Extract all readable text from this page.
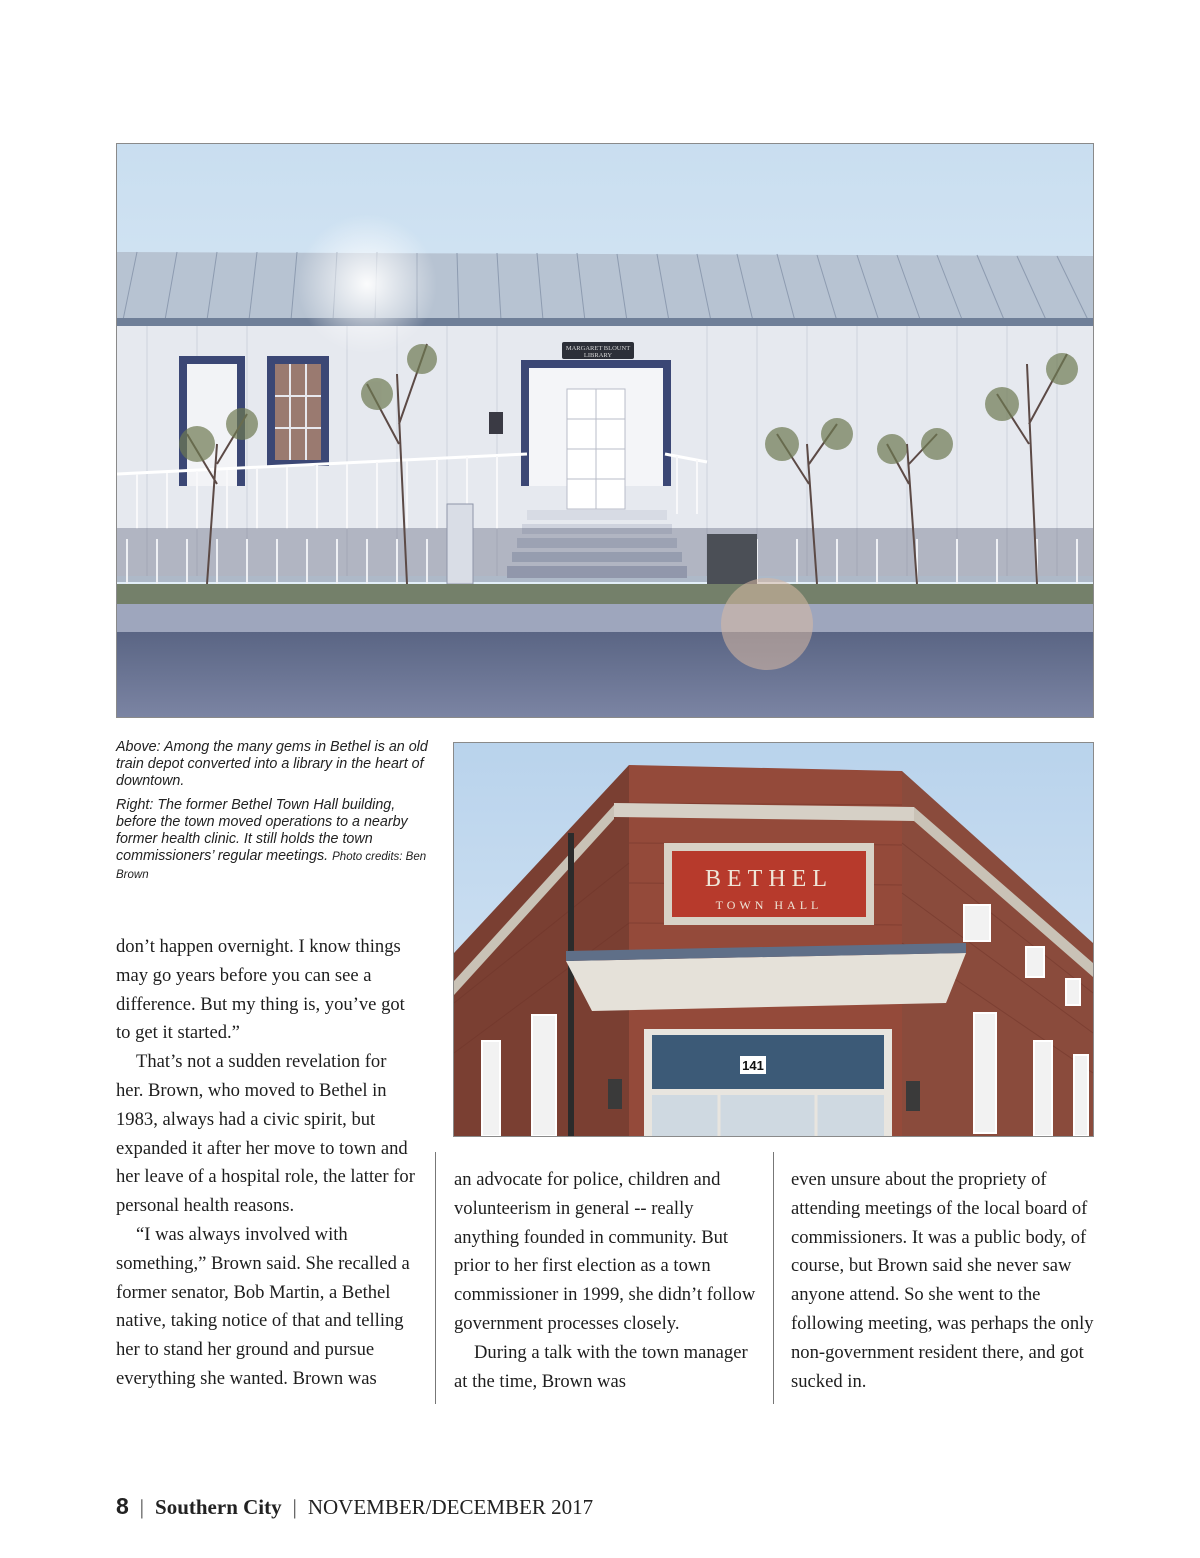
MARGARET BLOUNT
LIBRARY

Above: Among the many gems in Bethel is an old train depot converted into a library in the heart of downtown.

Right: The former Bethel Town Hall building, before the town moved operations to a nearby former health clinic. It still holds the town commissioners’ regular meetings. Photo credits: Ben Brown	BETHEL
TOWN HALL
141

don’t happen overnight. I know things may go years before you can see a difference. But my thing is, you’ve got to get it started.”

That’s not a sudden revelation for her. Brown, who moved to Bethel in 1983, always had a civic spirit, but expanded it after her move to town and her leave of a hospital role, the latter for personal health reasons.

“I was always involved with something,” Brown said. She recalled a former senator, Bob Martin, a Bethel native, taking notice of that and telling her to stand her ground and pursue everything she wanted. Brown was

an advocate for police, children and volunteerism in general -- really anything founded in community. But prior to her first election as a town commissioner in 1999, she didn’t follow government processes closely.

During a talk with the town manager at the time, Brown was

even unsure about the propriety of attending meetings of the local board of commissioners. It was a public body, of course, but Brown said she never saw anyone attend. So she went to the following meeting, was perhaps the only non-government resident there, and got sucked in.

8 | Southern City | NOVEMBER/DECEMBER 2017
